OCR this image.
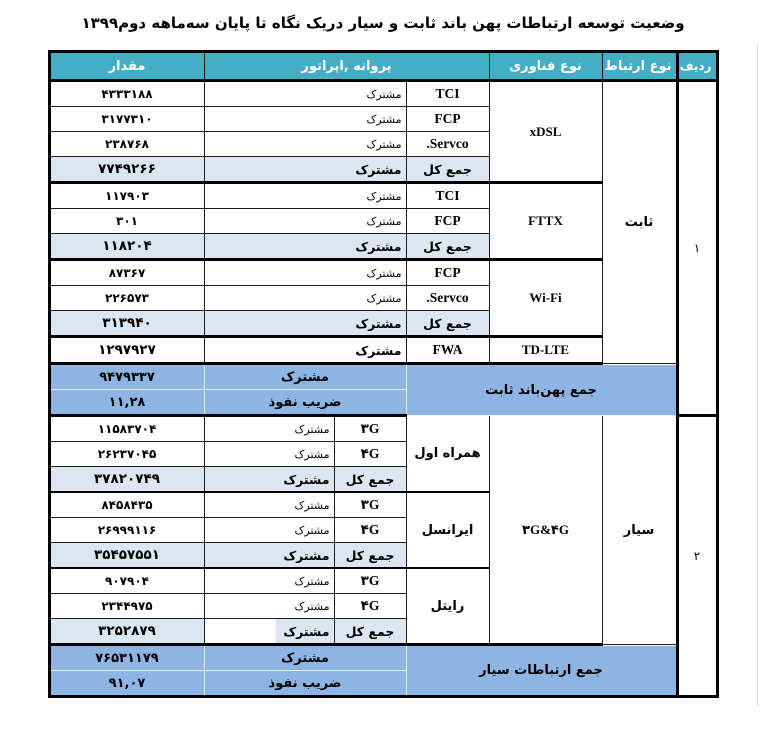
وضعیت توسعه ارتباطات پهن باند ثابت و سیار دریک نگاه تا پایان سه‌ماهه دوم۱۳۹۹
ردیف	نوع ارتباط	نوع فناوری	پروانه ,اپراتور			مقدار
۱	ثابت	xDSL	TCI	مشترک		۴۳۳۳۱۸۸
			FCP	مشترک		۳۱۷۷۳۱۰
			Servco.	مشترک		۲۳۸۷۶۸
			جمع کل	مشترک		۷۷۴۹۲۶۶
		FTTX	TCI	مشترک		۱۱۷۹۰۳
			FCP	مشترک		۳۰۱
			جمع کل	مشترک		۱۱۸۲۰۴
		Wi-Fi	FCP	مشترک		۸۷۳۶۷
			Servco.	مشترک		۲۲۶۵۷۳
			جمع کل	مشترک		۳۱۳۹۴۰
		TD-LTE	FWA	مشترک		۱۲۹۷۹۲۷
	جمع پهن‌باند ثابت			مشترک		۹۴۷۹۳۳۷
				ضریب نفوذ		۱۱,۲۸
۲	سیار	۳G&۴G	همراه اول	۳G	مشترک	۱۱۵۸۳۷۰۴
				۴G	مشترک	۲۶۲۳۷۰۴۵
				جمع کل	مشترک	۳۷۸۲۰۷۴۹
			ایرانسل	۳G	مشترک	۸۴۵۸۴۳۵
				۴G	مشترک	۲۶۹۹۹۱۱۶
				جمع کل	مشترک	۳۵۴۵۷۵۵۱
			رایتل	۳G	مشترک	۹۰۷۹۰۴
				۴G	مشترک	۲۳۴۴۹۷۵
				جمع کل	مشترک	۳۲۵۲۸۷۹
	جمع ارتباطات سیار			مشترک		۷۶۵۳۱۱۷۹
				ضریب نفوذ		۹۱,۰۷
